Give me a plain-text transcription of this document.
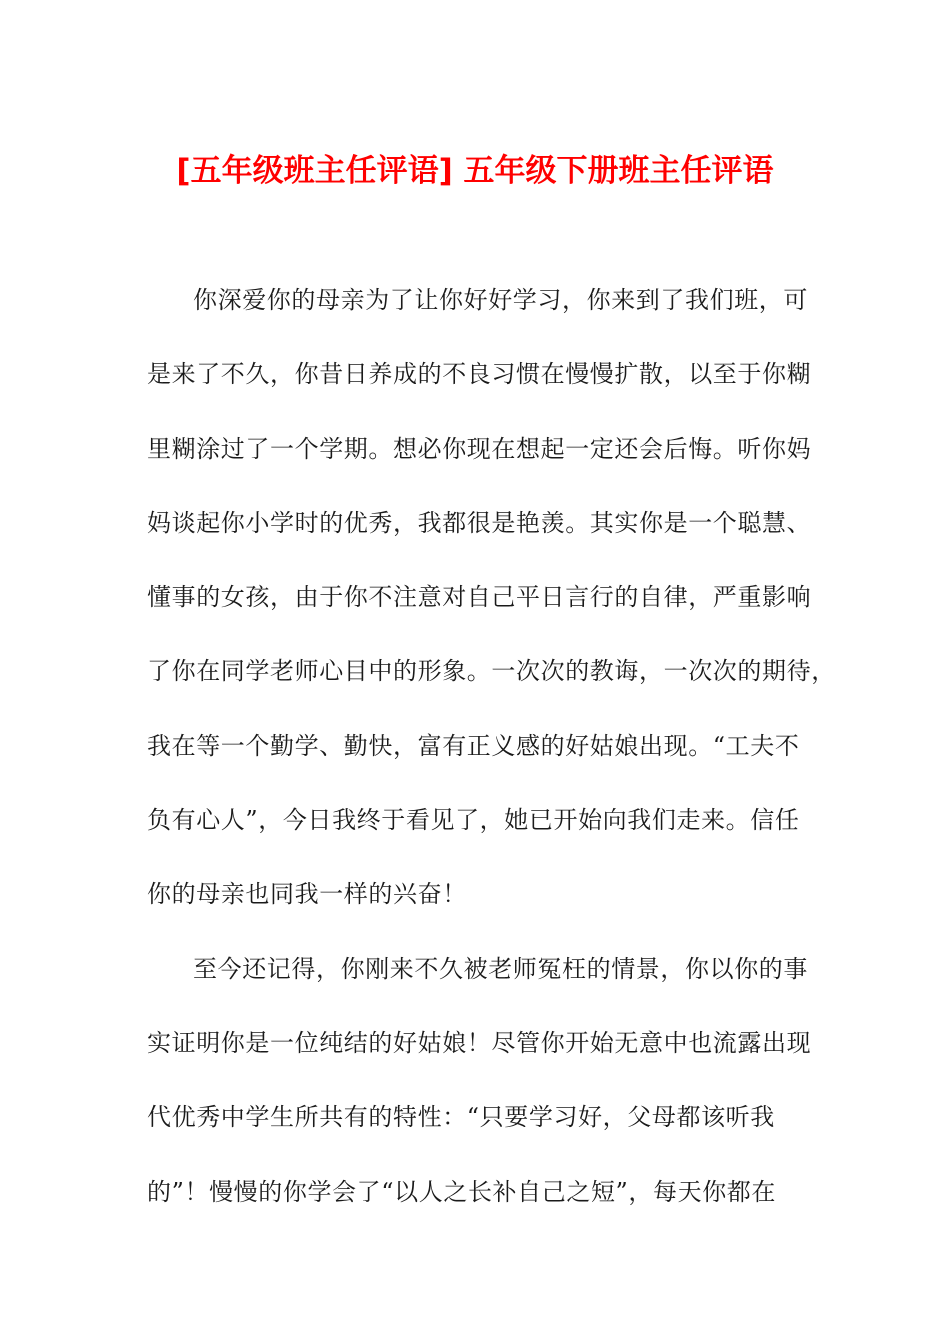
[五年级班主任评语] 五年级下册班主任评语
你深爱你的母亲为了让你好好学习，你来到了我们班，可
是来了不久，你昔日养成的不良习惯在慢慢扩散，以至于你糊
里糊涂过了一个学期。想必你现在想起一定还会后悔。听你妈
妈谈起你小学时的优秀，我都很是艳羡。其实你是一个聪慧、
懂事的女孩，由于你不注意对自己平日言行的自律，严重影响
了你在同学老师心目中的形象。一次次的教诲，一次次的期待，
我在等一个勤学、勤快，富有正义感的好姑娘出现。“工夫不
负有心人”，今日我终于看见了，她已开始向我们走来。信任
你的母亲也同我一样的兴奋！
至今还记得，你刚来不久被老师冤枉的情景，你以你的事
实证明你是一位纯结的好姑娘！尽管你开始无意中也流露出现
代优秀中学生所共有的特性：“只要学习好，父母都该听我
的”！慢慢的你学会了“以人之长补自己之短”，每天你都在
